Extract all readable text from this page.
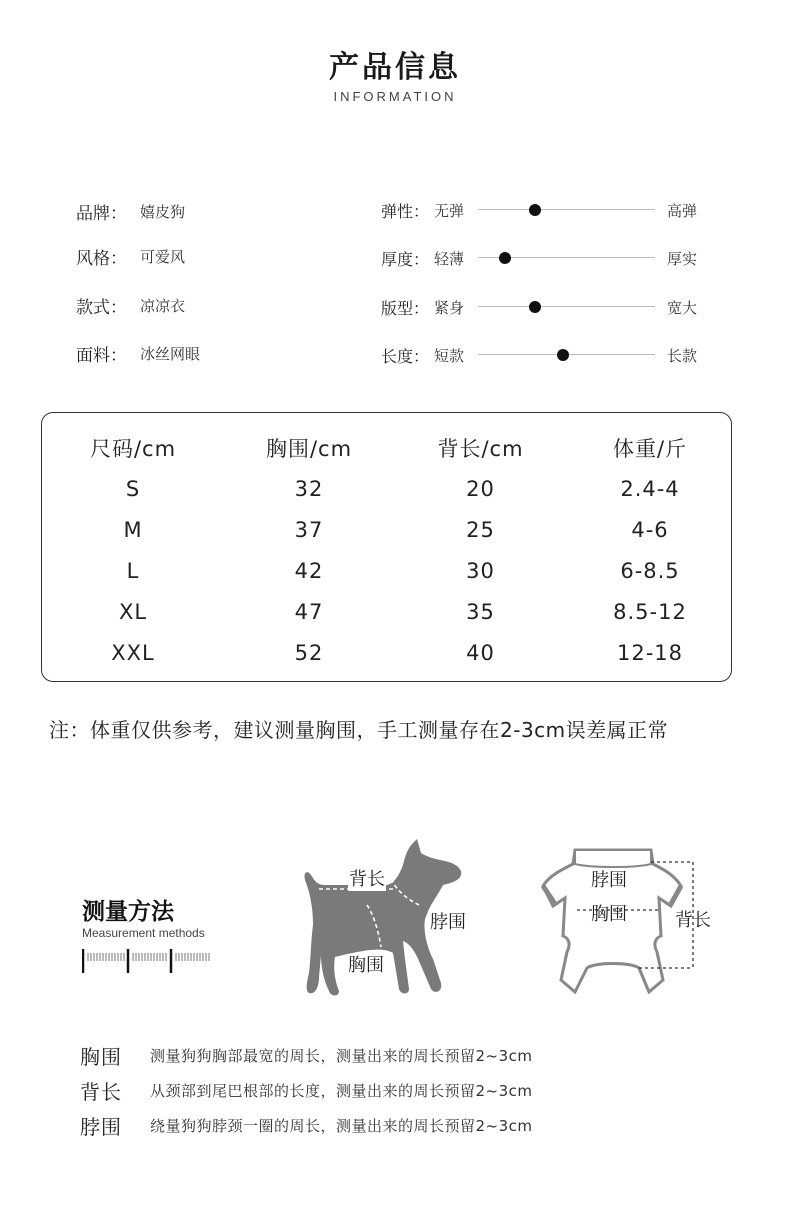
产品信息
INFORMATION
品牌： 嬉皮狗
风格： 可爱风
款式： 凉凉衣
面料： 冰丝网眼
弹性： 无弹	高弹
厚度： 轻薄	厚实
版型： 紧身	宽大
长度： 短款	长款
尺码/cm	胸围/cm	背长/cm	体重/斤
S	32	20	2.4-4
M	37	25	4-6
L	42	30	6-8.5
XL	47	35	8.5-12
XXL	52	40	12-18
注：体重仅供参考，建议测量胸围，手工测量存在2-3cm误差属正常
测量方法
Measurement methods
背长
脖围
胸围
脖围
胸围	背长
胸围	测量狗狗胸部最宽的周长，测量出来的周长预留2~3cm
背长	从颈部到尾巴根部的长度，测量出来的周长预留2~3cm
脖围	绕量狗狗脖颈一圈的周长，测量出来的周长预留2~3cm
